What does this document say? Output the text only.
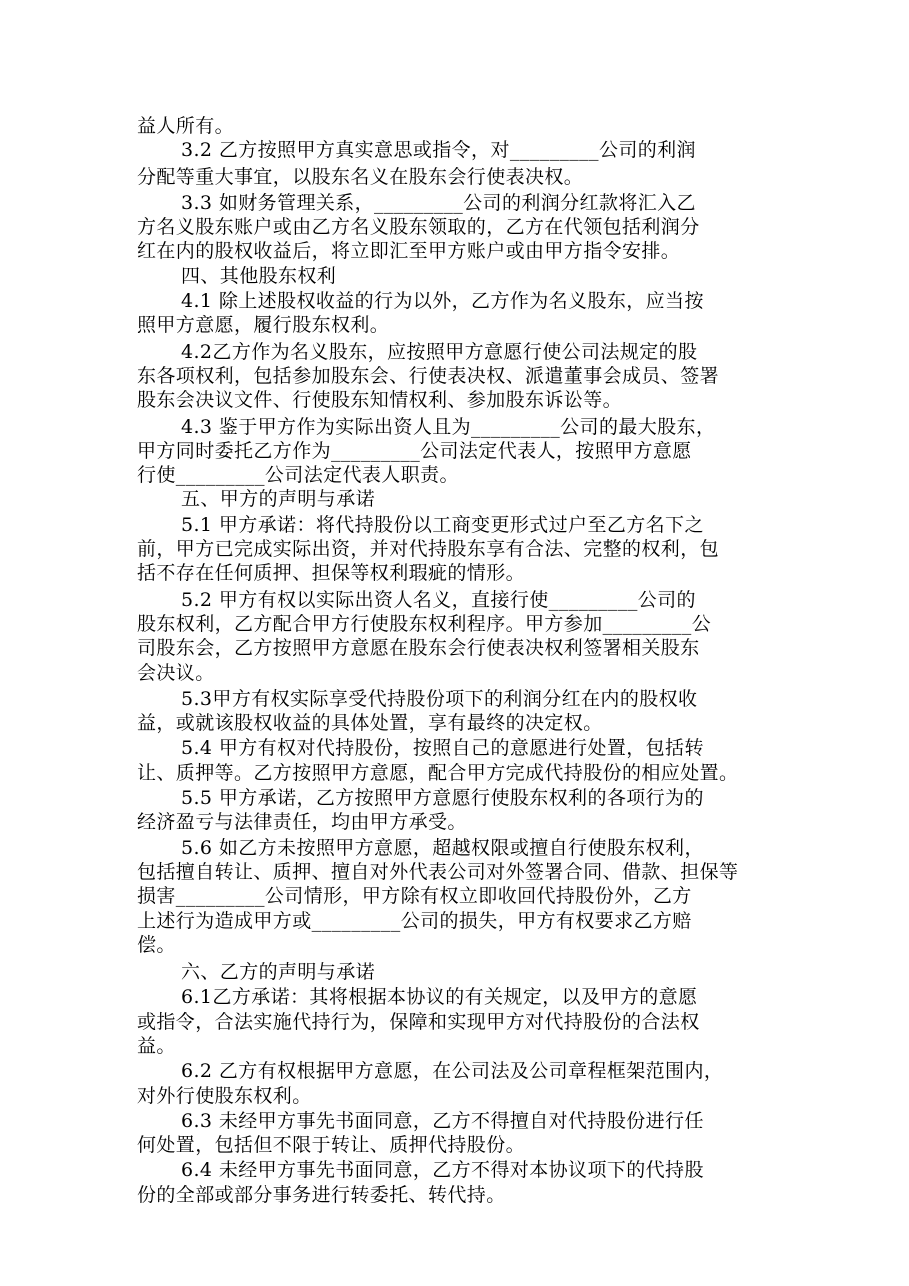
益人所有。
3.2 乙方按照甲方真实意思或指令，对_________公司的利润
分配等重大事宜，以股东名义在股东会行使表决权。
3.3 如财务管理关系，_________公司的利润分红款将汇入乙
方名义股东账户或由乙方名义股东领取的，乙方在代领包括利润分
红在内的股权收益后，将立即汇至甲方账户或由甲方指令安排。
四、其他股东权利
4.1 除上述股权收益的行为以外，乙方作为名义股东，应当按
照甲方意愿，履行股东权利。
4.2乙方作为名义股东，应按照甲方意愿行使公司法规定的股
东各项权利，包括参加股东会、行使表决权、派遣董事会成员、签署
股东会决议文件、行使股东知情权利、参加股东诉讼等。
4.3 鉴于甲方作为实际出资人且为_________公司的最大股东，
甲方同时委托乙方作为_________公司法定代表人，按照甲方意愿
行使_________公司法定代表人职责。
五、甲方的声明与承诺
5.1 甲方承诺：将代持股份以工商变更形式过户至乙方名下之
前，甲方已完成实际出资，并对代持股东享有合法、完整的权利，包
括不存在任何质押、担保等权利瑕疵的情形。
5.2 甲方有权以实际出资人名义，直接行使_________公司的
股东权利，乙方配合甲方行使股东权利程序。甲方参加_________公
司股东会，乙方按照甲方意愿在股东会行使表决权利签署相关股东
会决议。
5.3甲方有权实际享受代持股份项下的利润分红在内的股权收
益，或就该股权收益的具体处置，享有最终的决定权。
5.4 甲方有权对代持股份，按照自己的意愿进行处置，包括转
让、质押等。乙方按照甲方意愿，配合甲方完成代持股份的相应处置。
5.5 甲方承诺，乙方按照甲方意愿行使股东权利的各项行为的
经济盈亏与法律责任，均由甲方承受。
5.6 如乙方未按照甲方意愿，超越权限或擅自行使股东权利，
包括擅自转让、质押、擅自对外代表公司对外签署合同、借款、担保等
损害_________公司情形，甲方除有权立即收回代持股份外，乙方
上述行为造成甲方或_________公司的损失，甲方有权要求乙方赔
偿。
六、乙方的声明与承诺
6.1乙方承诺：其将根据本协议的有关规定，以及甲方的意愿
或指令，合法实施代持行为，保障和实现甲方对代持股份的合法权
益。
6.2 乙方有权根据甲方意愿，在公司法及公司章程框架范围内，
对外行使股东权利。
6.3 未经甲方事先书面同意，乙方不得擅自对代持股份进行任
何处置，包括但不限于转让、质押代持股份。
6.4 未经甲方事先书面同意，乙方不得对本协议项下的代持股
份的全部或部分事务进行转委托、转代持。
